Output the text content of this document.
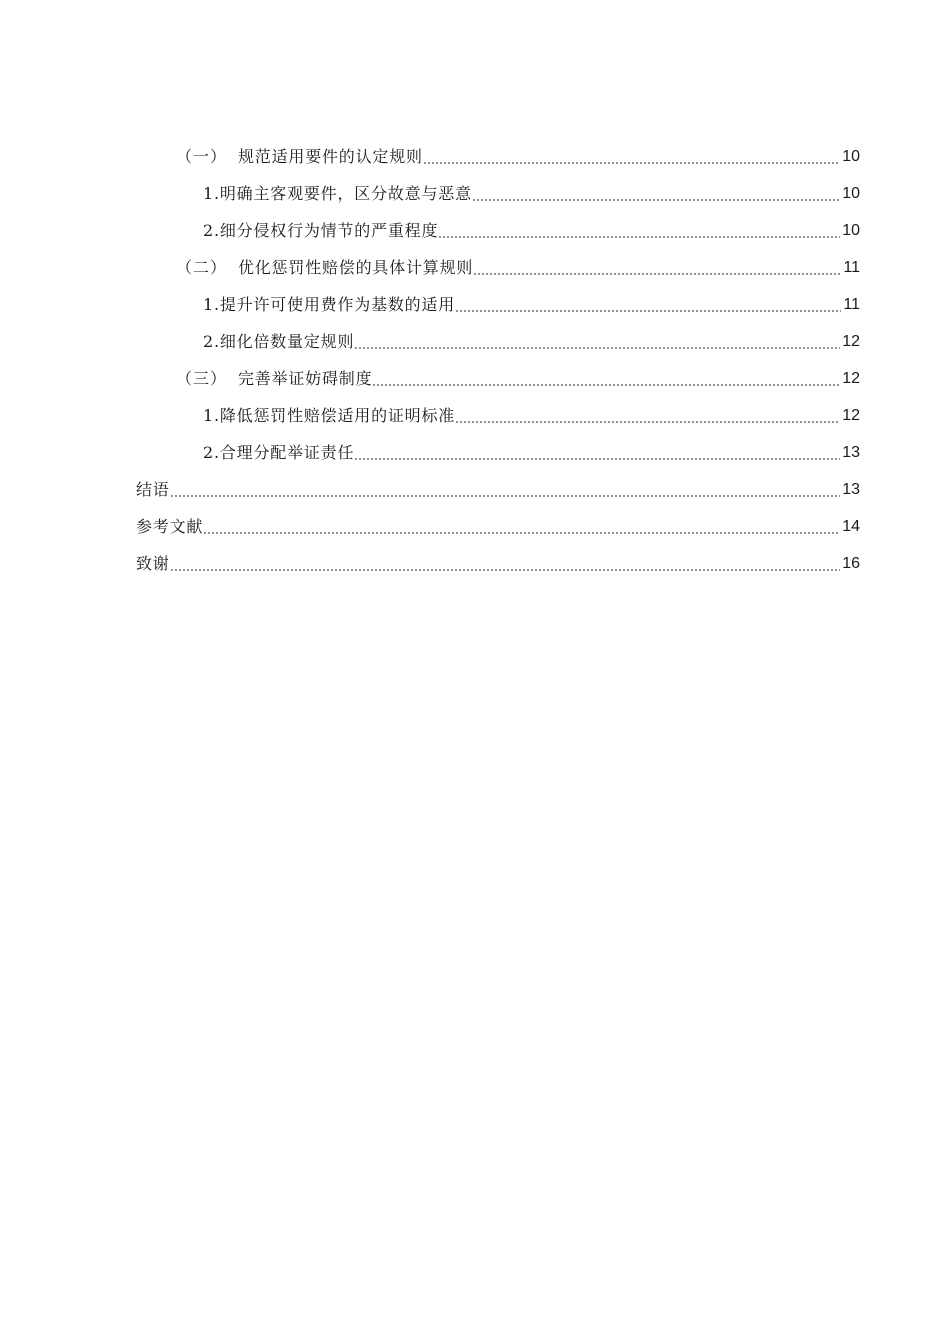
（一） 规范适用要件的认定规则	10
1.明确主客观要件，区分故意与恶意	10
2.细分侵权行为情节的严重程度	10
（二） 优化惩罚性赔偿的具体计算规则	11
1.提升许可使用费作为基数的适用	11
2.细化倍数量定规则	12
（三） 完善举证妨碍制度	12
1.降低惩罚性赔偿适用的证明标准	12
2.合理分配举证责任	13
结语	13
参考文献	14
致谢	16
